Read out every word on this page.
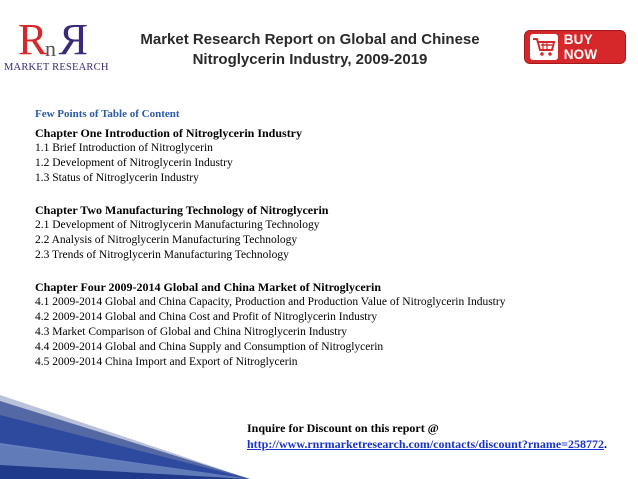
R
n R
MARKET RESEARCH
Market Research Report on Global and Chinese
Nitroglycerin Industry, 2009-2019
BUY NOW
Few Points of Table of Content
Chapter One Introduction of Nitroglycerin Industry
1.1 Brief Introduction of Nitroglycerin
1.2 Development of Nitroglycerin Industry
1.3 Status of Nitroglycerin Industry
Chapter Two Manufacturing Technology of Nitroglycerin
2.1 Development of Nitroglycerin Manufacturing Technology
2.2 Analysis of Nitroglycerin Manufacturing Technology
2.3 Trends of Nitroglycerin Manufacturing Technology
Chapter Four 2009-2014 Global and China Market of Nitroglycerin
4.1 2009-2014 Global and China Capacity, Production and Production Value of Nitroglycerin Industry
4.2 2009-2014 Global and China Cost and Profit of Nitroglycerin Industry
4.3 Market Comparison of Global and China Nitroglycerin Industry
4.4 2009-2014 Global and China Supply and Consumption of Nitroglycerin
4.5 2009-2014 China Import and Export of Nitroglycerin
Inquire for Discount on this report @
http://www.rnrmarketresearch.com/contacts/discount?rname=258772.
